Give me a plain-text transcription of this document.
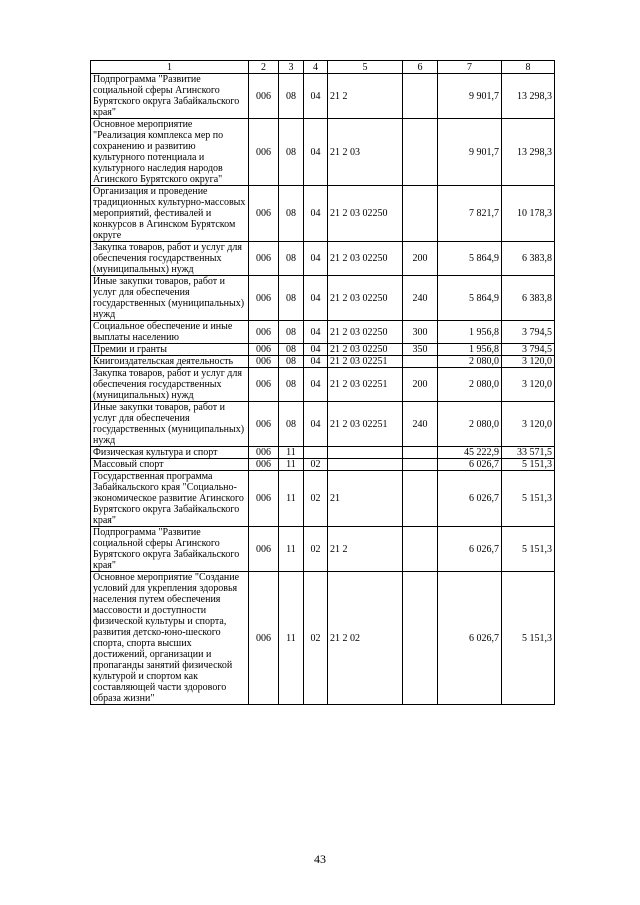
1	2	3	4	5	6	7	8
Подпрограмма "Развитие социальной сферы Агинского Бурятского округа Забайкальского края"	006	08	04	21 2		9 901,7	13 298,3
Основное мероприятие "Реализация комплекса мер по сохранению и развитию культурного потенциала и культурного наследия народов Агинского Бурятского округа"	006	08	04	21 2 03		9 901,7	13 298,3
Организация и проведение традиционных культурно-массовых мероприятий, фестивалей и конкурсов в Агинском Бурятском округе	006	08	04	21 2 03 02250		7 821,7	10 178,3
Закупка товаров, работ и услуг для обеспечения государственных (муниципальных) нужд	006	08	04	21 2 03 02250	200	5 864,9	6 383,8
Иные закупки товаров, работ и услуг для обеспечения государственных (муниципальных) нужд	006	08	04	21 2 03 02250	240	5 864,9	6 383,8
Социальное обеспечение и иные выплаты населению	006	08	04	21 2 03 02250	300	1 956,8	3 794,5
Премии и гранты	006	08	04	21 2 03 02250	350	1 956,8	3 794,5
Книгоиздательская деятельность	006	08	04	21 2 03 02251		2 080,0	3 120,0
Закупка товаров, работ и услуг для обеспечения государственных (муниципальных) нужд	006	08	04	21 2 03 02251	200	2 080,0	3 120,0
Иные закупки товаров, работ и услуг для обеспечения государственных (муниципальных) нужд	006	08	04	21 2 03 02251	240	2 080,0	3 120,0
Физическая культура и спорт	006	11				45 222,9	33 571,5
Массовый спорт	006	11	02			6 026,7	5 151,3
Государственная программа Забайкальского края "Социально-экономическое развитие Агинского Бурятского округа Забайкальского края"	006	11	02	21		6 026,7	5 151,3
Подпрограмма "Развитие социальной сферы Агинского Бурятского округа Забайкальского края"	006	11	02	21 2		6 026,7	5 151,3
Основное мероприятие "Создание условий для укрепления здоровья населения путем обеспечения массовости и доступности физической культуры и спорта, развития детско-юно-шеского спорта, спорта высших достижений, организации и пропаганды занятий физической культурой и спортом как составляющей части здорового образа жизни"	006	11	02	21 2 02		6 026,7	5 151,3
43
